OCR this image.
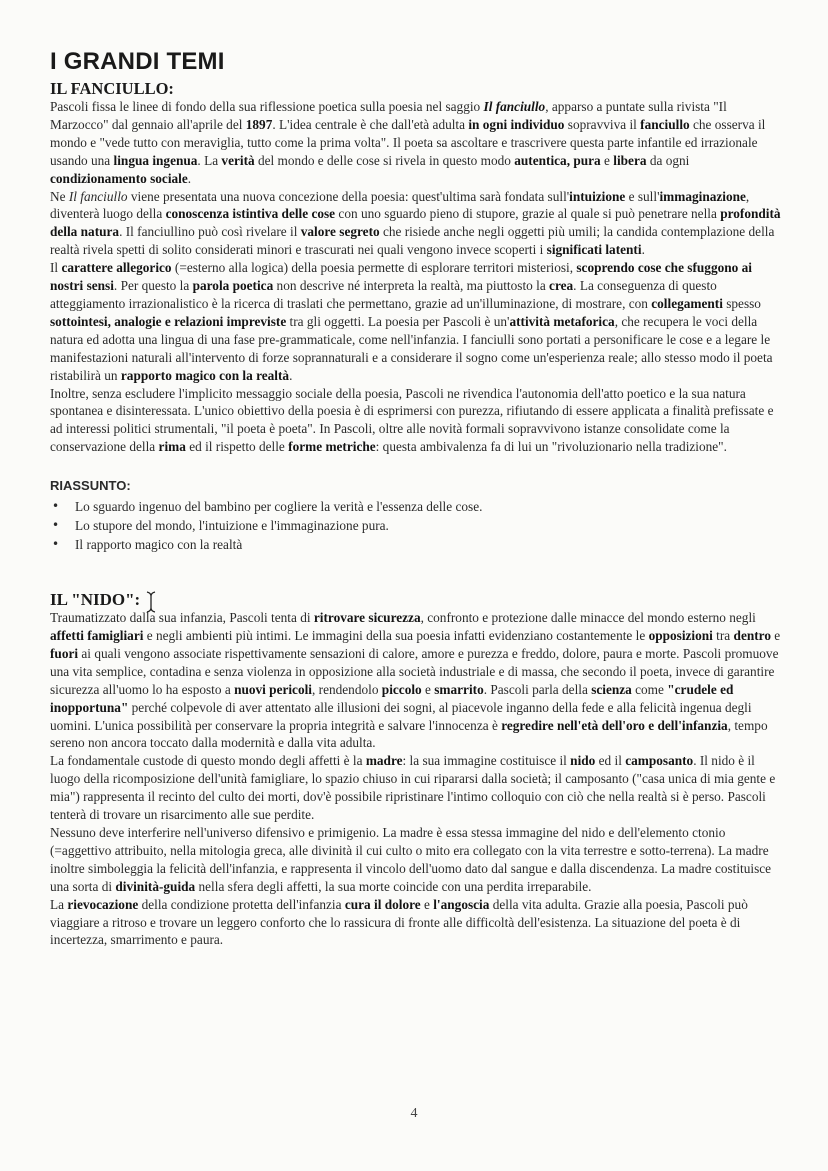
I GRANDI TEMI
IL FANCIULLO:

Pascoli fissa le linee di fondo della sua riflessione poetica sulla poesia nel saggio Il fanciullo, apparso a puntate sulla rivista "Il Marzocco" dal gennaio all'aprile del 1897. L'idea centrale è che dall'età adulta in ogni individuo sopravviva il fanciullo che osserva il mondo e "vede tutto con meraviglia, tutto come la prima volta". Il poeta sa ascoltare e trascrivere questa parte infantile ed irrazionale usando una lingua ingenua. La verità del mondo e delle cose si rivela in questo modo autentica, pura e libera da ogni condizionamento sociale.

Ne Il fanciullo viene presentata una nuova concezione della poesia: quest'ultima sarà fondata sull'intuizione e sull'immaginazione, diventerà luogo della conoscenza istintiva delle cose con uno sguardo pieno di stupore, grazie al quale si può penetrare nella profondità della natura. Il fanciullino può così rivelare il valore segreto che risiede anche negli oggetti più umili; la candida contemplazione della realtà rivela spetti di solito considerati minori e trascurati nei quali vengono invece scoperti i significati latenti.

Il carattere allegorico (=esterno alla logica) della poesia permette di esplorare territori misteriosi, scoprendo cose che sfuggono ai nostri sensi. Per questo la parola poetica non descrive né interpreta la realtà, ma piuttosto la crea. La conseguenza di questo atteggiamento irrazionalistico è la ricerca di traslati che permettano, grazie ad un'illuminazione, di mostrare, con collegamenti spesso sottointesi, analogie e relazioni impreviste tra gli oggetti. La poesia per Pascoli è un'attività metaforica, che recupera le voci della natura ed adotta una lingua di una fase pre-grammaticale, come nell'infanzia. I fanciulli sono portati a personificare le cose e a legare le manifestazioni naturali all'intervento di forze soprannaturali e a considerare il sogno come un'esperienza reale; allo stesso modo il poeta ristabilirà un rapporto magico con la realtà.

Inoltre, senza escludere l'implicito messaggio sociale della poesia, Pascoli ne rivendica l'autonomia dell'atto poetico e la sua natura spontanea e disinteressata. L'unico obiettivo della poesia è di esprimersi con purezza, rifiutando di essere applicata a finalità prefissate e ad interessi politici strumentali, "il poeta è poeta". In Pascoli, oltre alle novità formali sopravvivono istanze consolidate come la conservazione della rima ed il rispetto delle forme metriche: questa ambivalenza fa di lui un "rivoluzionario nella tradizione".

RIASSUNTO:
• Lo sguardo ingenuo del bambino per cogliere la verità e l'essenza delle cose.
• Lo stupore del mondo, l'intuizione e l'immaginazione pura.
• Il rapporto magico con la realtà
IL "NIDO":

Traumatizzato dalla sua infanzia, Pascoli tenta di ritrovare sicurezza, confronto e protezione dalle minacce del mondo esterno negli affetti famigliari e negli ambienti più intimi. Le immagini della sua poesia infatti evidenziano costantemente le opposizioni tra dentro e fuori ai quali vengono associate rispettivamente sensazioni di calore, amore e purezza e freddo, dolore, paura e morte. Pascoli promuove una vita semplice, contadina e senza violenza in opposizione alla società industriale e di massa, che secondo il poeta, invece di garantire sicurezza all'uomo lo ha esposto a nuovi pericoli, rendendolo piccolo e smarrito. Pascoli parla della scienza come "crudele ed inopportuna" perché colpevole di aver attentato alle illusioni dei sogni, al piacevole inganno della fede e alla felicità ingenua degli uomini. L'unica possibilità per conservare la propria integrità e salvare l'innocenza è regredire nell'età dell'oro e dell'infanzia, tempo sereno non ancora toccato dalla modernità e dalla vita adulta.

La fondamentale custode di questo mondo degli affetti è la madre: la sua immagine costituisce il nido ed il camposanto. Il nido è il luogo della ricomposizione dell'unità famigliare, lo spazio chiuso in cui ripararsi dalla società; il camposanto ("casa unica di mia gente e mia") rappresenta il recinto del culto dei morti, dov'è possibile ripristinare l'intimo colloquio con ciò che nella realtà si è perso. Pascoli tenterà di trovare un risarcimento alle sue perdite.

Nessuno deve interferire nell'universo difensivo e primigenio. La madre è essa stessa immagine del nido e dell'elemento ctonio (=aggettivo attribuito, nella mitologia greca, alle divinità il cui culto o mito era collegato con la vita terrestre e sotto-terrena). La madre inoltre simboleggia la felicità dell'infanzia, e rappresenta il vincolo dell'uomo dato dal sangue e dalla discendenza. La madre costituisce una sorta di divinità-guida nella sfera degli affetti, la sua morte coincide con una perdita irreparabile.

La rievocazione della condizione protetta dell'infanzia cura il dolore e l'angoscia della vita adulta. Grazie alla poesia, Pascoli può viaggiare a ritroso e trovare un leggero conforto che lo rassicura di fronte alle difficoltà dell'esistenza. La situazione del poeta è di incertezza, smarrimento e paura.

4
